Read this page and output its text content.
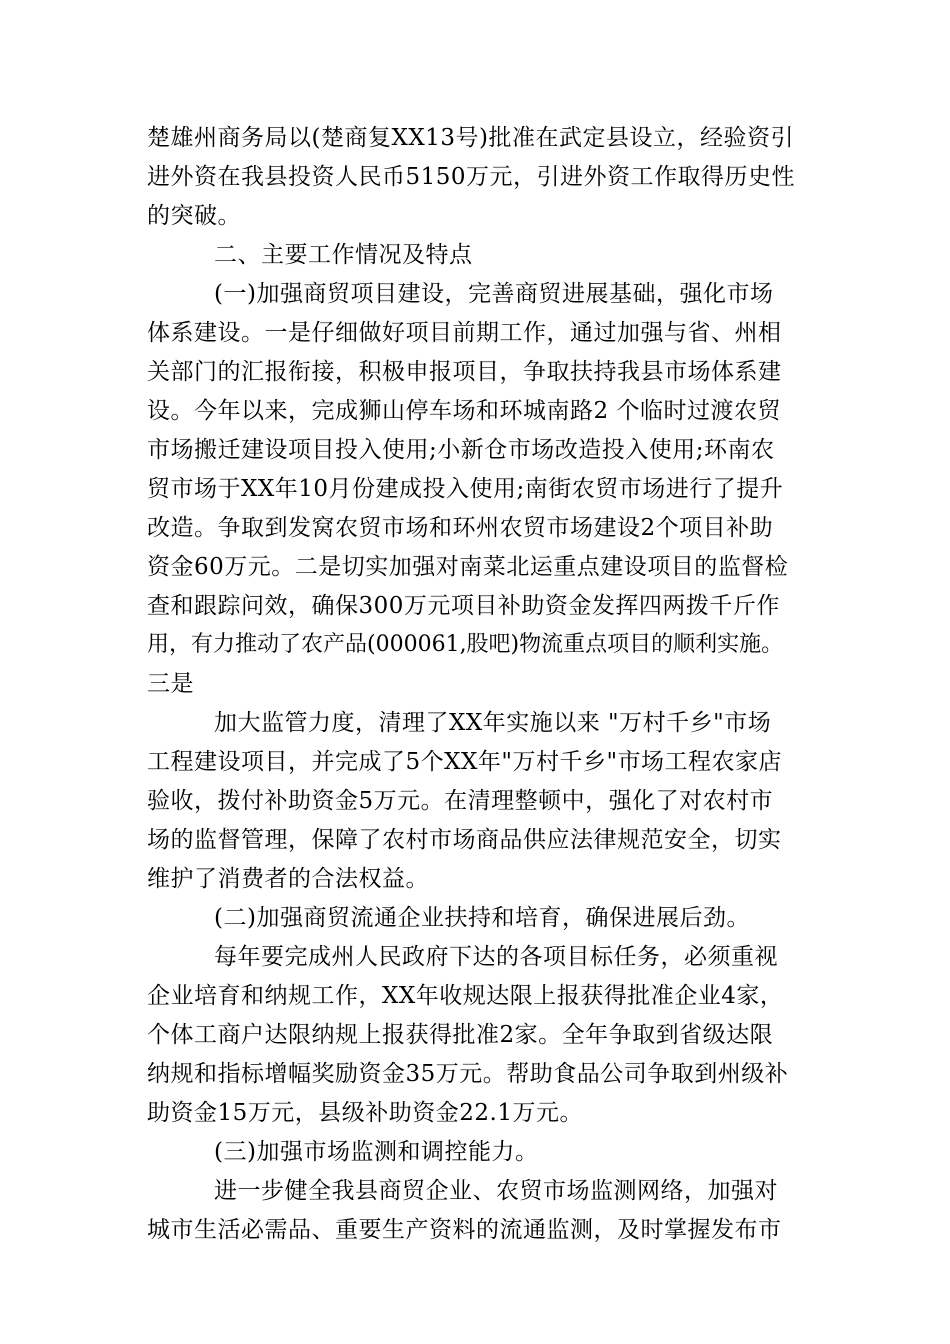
楚雄州商务局以(楚商复XX13号)批准在武定县设立，经验资引
进外资在我县投资人民币5150万元，引进外资工作取得历史性
的突破。
二、主要工作情况及特点
(一)加强商贸项目建设，完善商贸进展基础，强化市场
体系建设。一是仔细做好项目前期工作，通过加强与省、州相
关部门的汇报衔接，积极申报项目，争取扶持我县市场体系建
设。今年以来，完成狮山停车场和环城南路2 个临时过渡农贸
市场搬迁建设项目投入使用;小新仓市场改造投入使用;环南农
贸市场于XX年10月份建成投入使用;南街农贸市场进行了提升
改造。争取到发窝农贸市场和环州农贸市场建设2个项目补助
资金60万元。二是切实加强对南菜北运重点建设项目的监督检
查和跟踪问效，确保300万元项目补助资金发挥四两拨千斤作
用，有力推动了农产品(000061,股吧)物流重点项目的顺利实施。
三是
加大监管力度，清理了XX年实施以来 "万村千乡"市场
工程建设项目，并完成了5个XX年"万村千乡"市场工程农家店
验收，拨付补助资金5万元。在清理整顿中，强化了对农村市
场的监督管理，保障了农村市场商品供应法律规范安全，切实
维护了消费者的合法权益。
(二)加强商贸流通企业扶持和培育，确保进展后劲。
每年要完成州人民政府下达的各项目标任务，必须重视
企业培育和纳规工作，XX年收规达限上报获得批准企业4家，
个体工商户达限纳规上报获得批准2家。全年争取到省级达限
纳规和指标增幅奖励资金35万元。帮助食品公司争取到州级补
助资金15万元，县级补助资金22.1万元。
(三)加强市场监测和调控能力。
进一步健全我县商贸企业、农贸市场监测网络，加强对
城市生活必需品、重要生产资料的流通监测，及时掌握发布市
